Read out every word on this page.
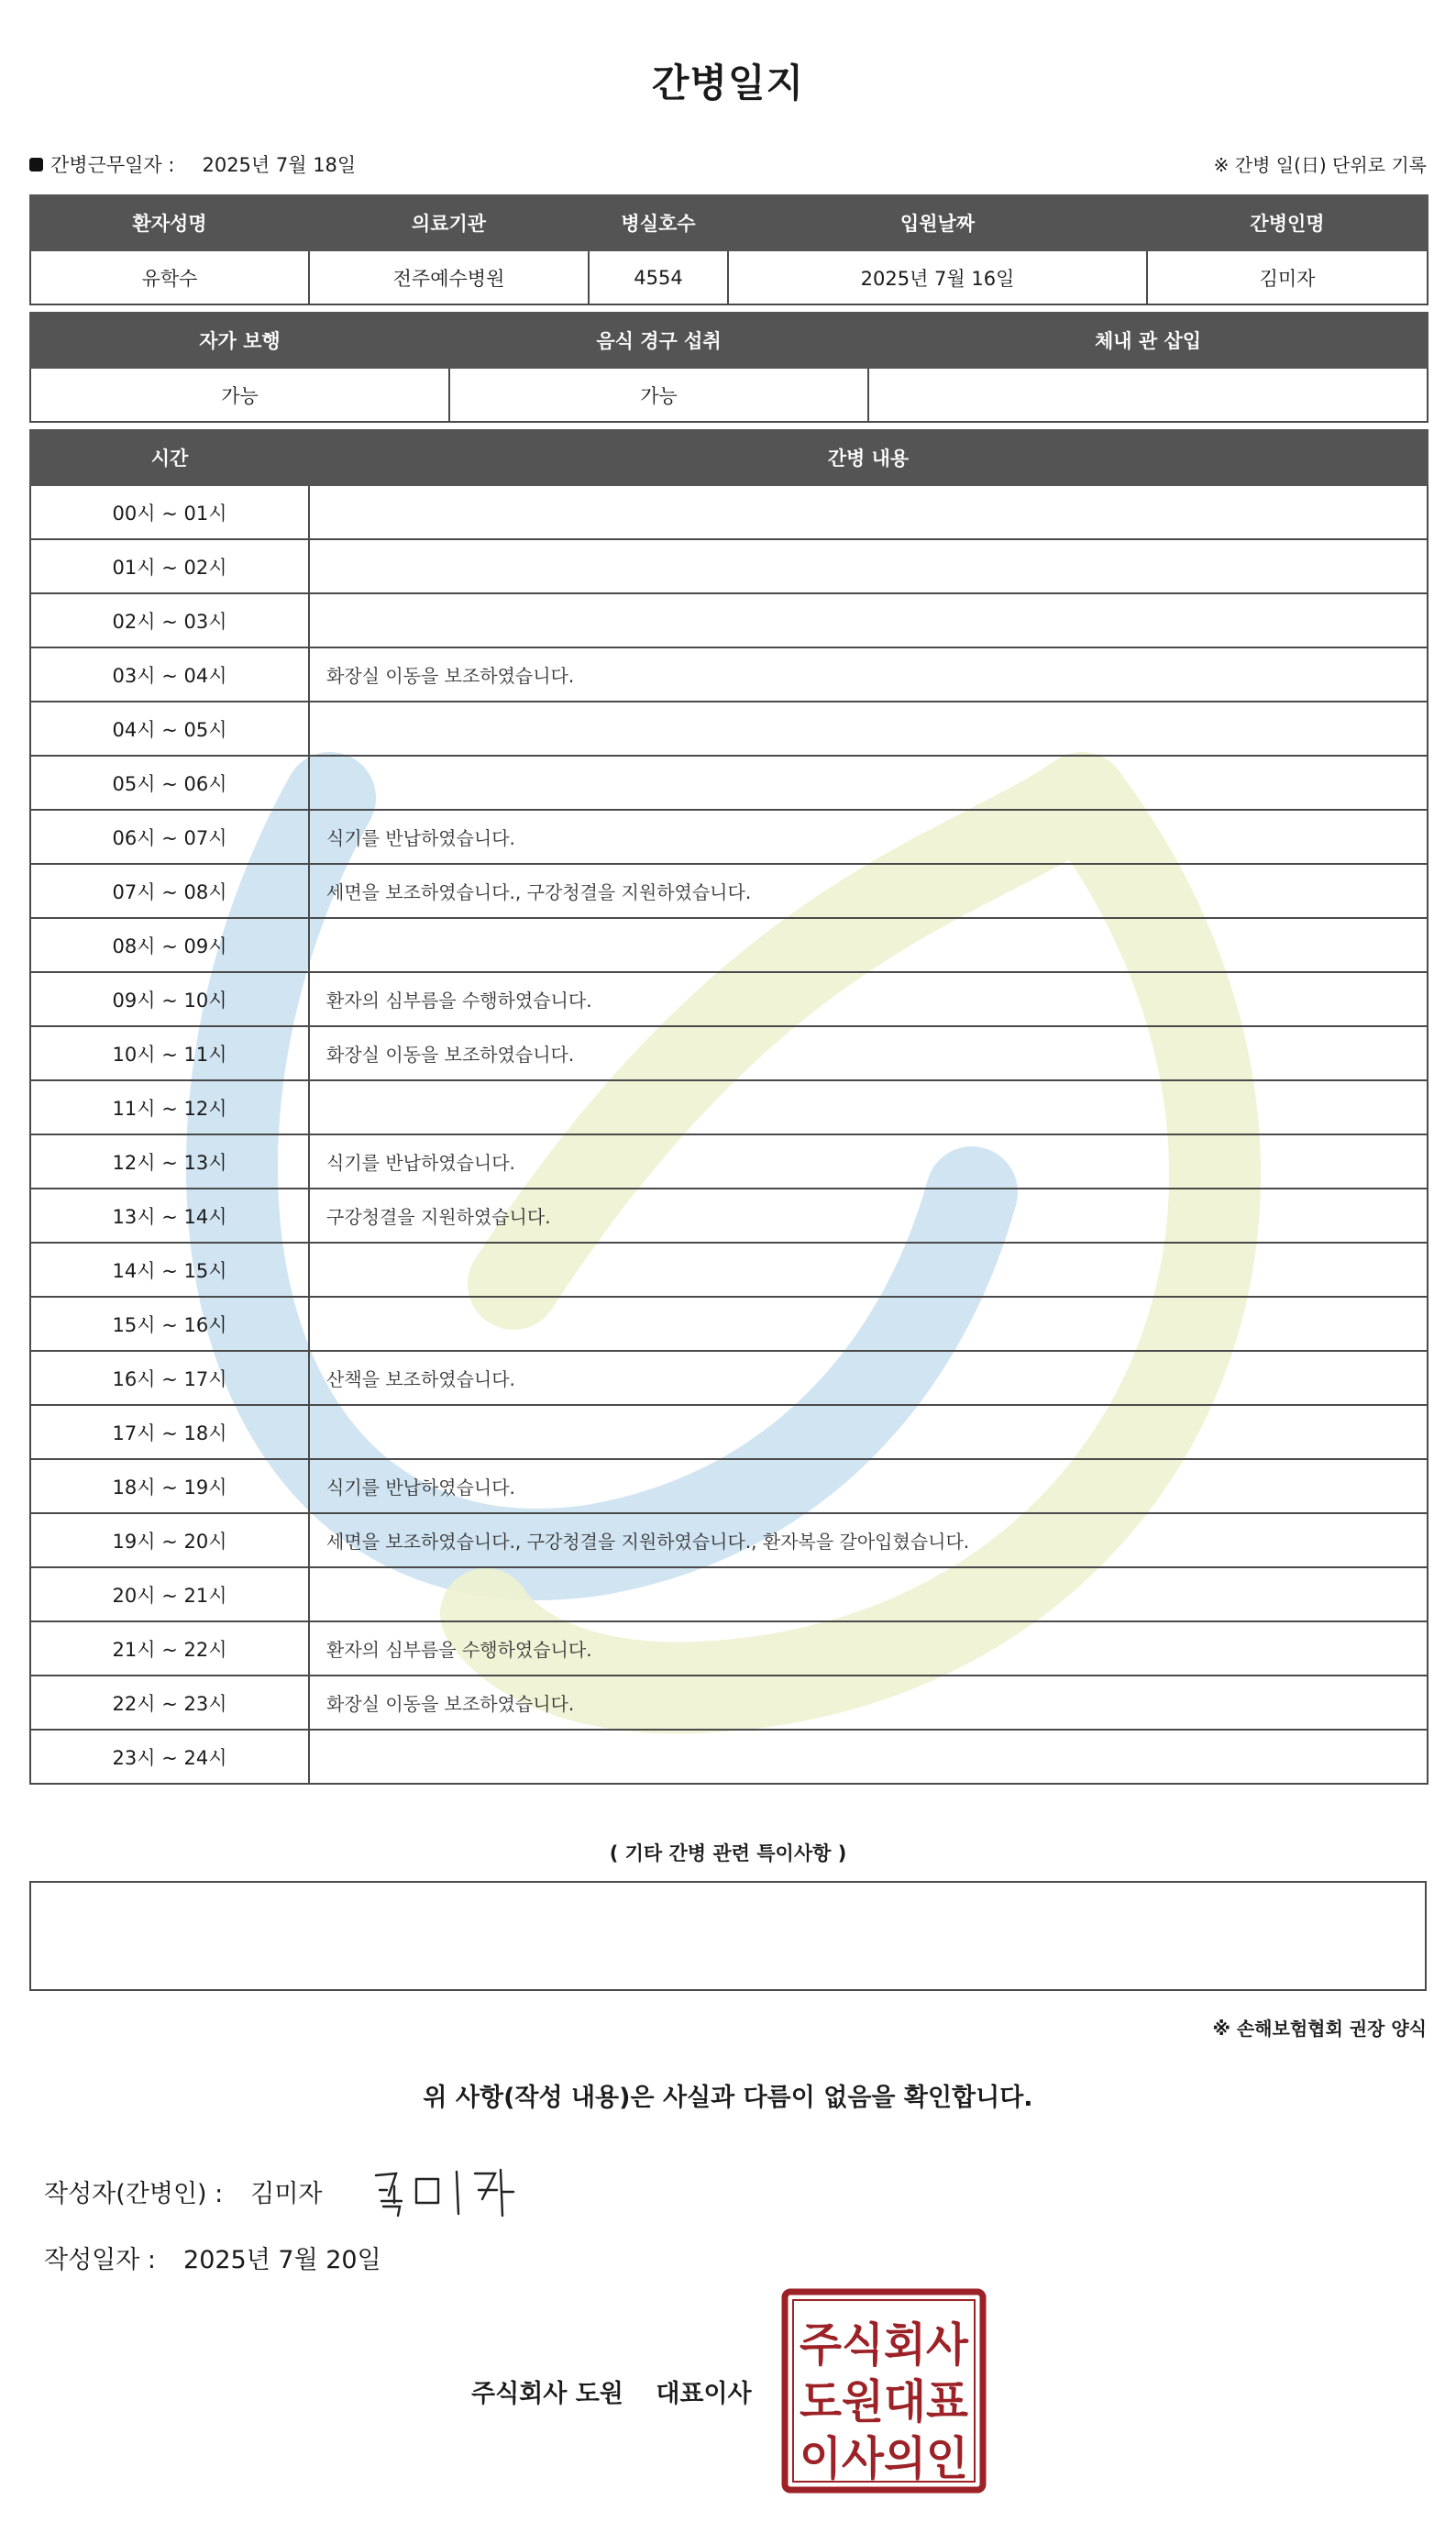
간병일지
간병근무일자 : 2025년 7월 18일	※ 간병 일(日) 단위로 기록
환자성명	의료기관	병실호수	입원날짜	간병인명
유학수	전주예수병원	4554	2025년 7월 16일	김미자
자가 보행	음식 경구 섭취	체내 관 삽입
가능	가능	
시간	간병 내용
00시 ~ 01시	
01시 ~ 02시	
02시 ~ 03시	
03시 ~ 04시	화장실 이동을 보조하였습니다.
04시 ~ 05시	
05시 ~ 06시	
06시 ~ 07시	식기를 반납하였습니다.
07시 ~ 08시	세면을 보조하였습니다., 구강청결을 지원하였습니다.
08시 ~ 09시	
09시 ~ 10시	환자의 심부름을 수행하였습니다.
10시 ~ 11시	화장실 이동을 보조하였습니다.
11시 ~ 12시	
12시 ~ 13시	식기를 반납하였습니다.
13시 ~ 14시	구강청결을 지원하였습니다.
14시 ~ 15시	
15시 ~ 16시	
16시 ~ 17시	산책을 보조하였습니다.
17시 ~ 18시	
18시 ~ 19시	식기를 반납하였습니다.
19시 ~ 20시	세면을 보조하였습니다., 구강청결을 지원하였습니다., 환자복을 갈아입혔습니다.
20시 ~ 21시	
21시 ~ 22시	환자의 심부름을 수행하였습니다.
22시 ~ 23시	화장실 이동을 보조하였습니다.
23시 ~ 24시	
( 기타 간병 관련 특이사항 )
※ 손해보험협회 권장 양식
위 사항(작성 내용)은 사실과 다름이 없음을 확인합니다.
작성자(간병인) : 김미자
작성일자 : 2025년 7월 20일
주식회사 도원 대표이사
주식회사
도원대표
이사의인
